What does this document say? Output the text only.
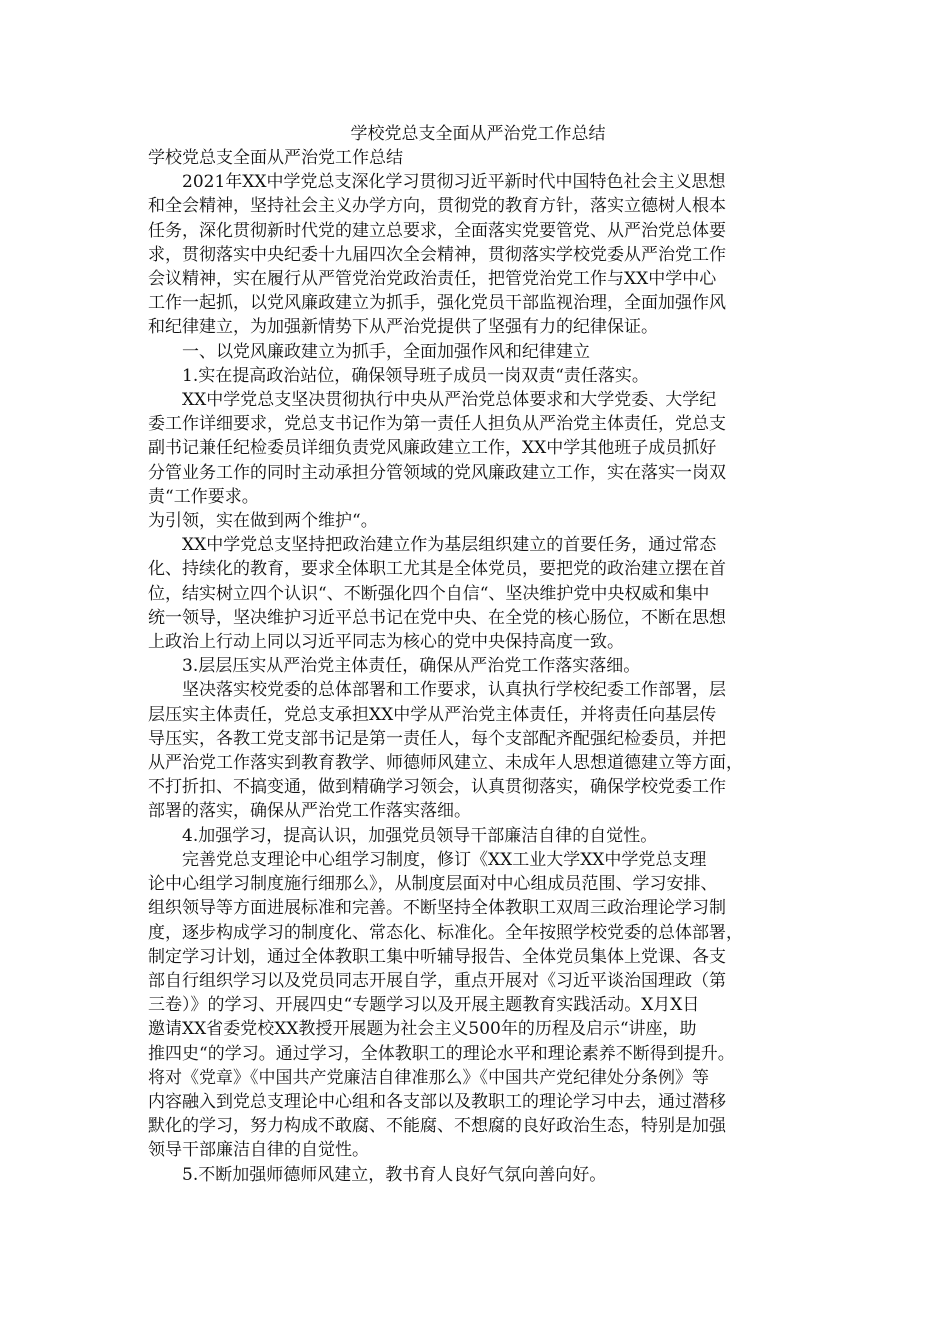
学校党总支全面从严治党工作总结

学校党总支全面从严治党工作总结

2021年XX中学党总支深化学习贯彻习近平新时代中国特色社会主义思想

和全会精神，坚持社会主义办学方向，贯彻党的教育方针，落实立德树人根本

任务，深化贯彻新时代党的建立总要求，全面落实党要管党、从严治党总体要

求，贯彻落实中央纪委十九届四次全会精神，贯彻落实学校党委从严治党工作

会议精神，实在履行从严管党治党政治责任，把管党治党工作与XX中学中心

工作一起抓，以党风廉政建立为抓手，强化党员干部监视治理，全面加强作风

和纪律建立，为加强新情势下从严治党提供了坚强有力的纪律保证。

一、以党风廉政建立为抓手，全面加强作风和纪律建立

1.实在提高政治站位，确保领导班子成员一岗双责“责任落实。

XX中学党总支坚决贯彻执行中央从严治党总体要求和大学党委、大学纪

委工作详细要求，党总支书记作为第一责任人担负从严治党主体责任，党总支

副书记兼任纪检委员详细负责党风廉政建立工作，XX中学其他班子成员抓好

分管业务工作的同时主动承担分管领域的党风廉政建立工作，实在落实一岗双

责“工作要求。

为引领，实在做到两个维护“。

XX中学党总支坚持把政治建立作为基层组织建立的首要任务，通过常态

化、持续化的教育，要求全体职工尤其是全体党员，要把党的政治建立摆在首

位，结实树立四个认识“、不断强化四个自信“、坚决维护党中央权威和集中

统一领导，坚决维护习近平总书记在党中央、在全党的核心肠位，不断在思想

上政治上行动上同以习近平同志为核心的党中央保持高度一致。

3.层层压实从严治党主体责任，确保从严治党工作落实落细。

坚决落实校党委的总体部署和工作要求，认真执行学校纪委工作部署，层

层压实主体责任，党总支承担XX中学从严治党主体责任，并将责任向基层传

导压实，各教工党支部书记是第一责任人，每个支部配齐配强纪检委员，并把

从严治党工作落实到教育教学、师德师风建立、未成年人思想道德建立等方面，

不打折扣、不搞变通，做到精确学习领会，认真贯彻落实，确保学校党委工作

部署的落实，确保从严治党工作落实落细。

4.加强学习，提高认识，加强党员领导干部廉洁自律的自觉性。

完善党总支理论中心组学习制度，修订《XX工业大学XX中学党总支理

论中心组学习制度施行细那么》，从制度层面对中心组成员范围、学习安排、

组织领导等方面进展标准和完善。不断坚持全体教职工双周三政治理论学习制

度，逐步构成学习的制度化、常态化、标准化。全年按照学校党委的总体部署，

制定学习计划，通过全体教职工集中听辅导报告、全体党员集体上党课、各支

部自行组织学习以及党员同志开展自学，重点开展对《习近平谈治国理政（第

三卷）》的学习、开展四史“专题学习以及开展主题教育实践活动。X月X日

邀请XX省委党校XX教授开展题为社会主义500年的历程及启示“讲座，助

推四史“的学习。通过学习，全体教职工的理论水平和理论素养不断得到提升。

将对《党章》《中国共产党廉洁自律准那么》《中国共产党纪律处分条例》等

内容融入到党总支理论中心组和各支部以及教职工的理论学习中去，通过潜移

默化的学习，努力构成不敢腐、不能腐、不想腐的良好政治生态，特别是加强

领导干部廉洁自律的自觉性。

5.不断加强师德师风建立，教书育人良好气氛向善向好。
